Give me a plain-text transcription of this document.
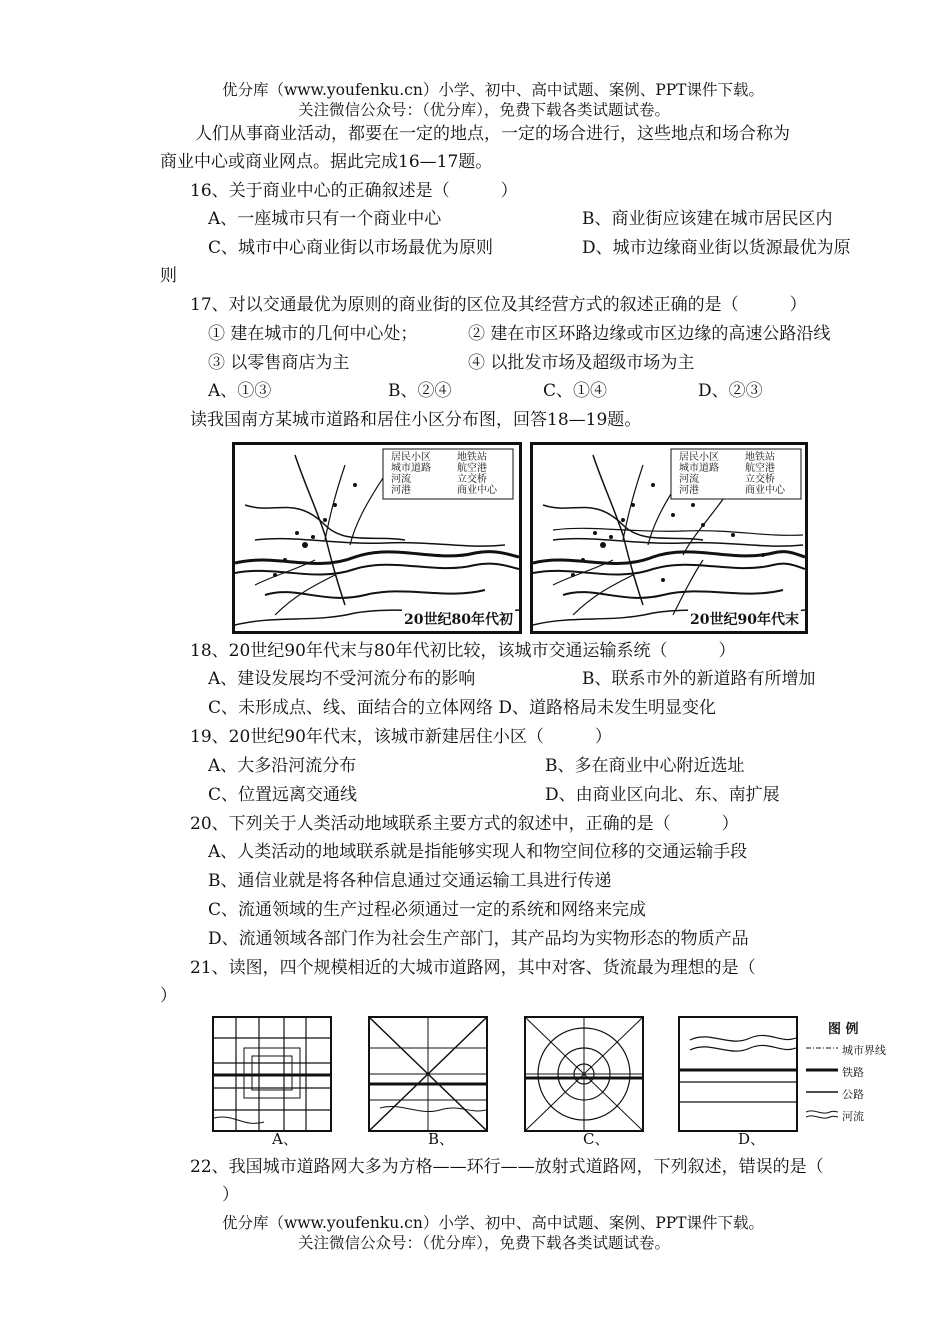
优分库（www.youfenku.cn）小学、初中、高中试题、案例、PPT课件下载。
关注微信公众号：（优分库），免费下载各类试题试卷。
人们从事商业活动，都要在一定的地点，一定的场合进行，这些地点和场合称为
商业中心或商业网点。据此完成16—17题。
16、关于商业中心的正确叙述是（　　　）
A、一座城市只有一个商业中心	B、商业街应该建在城市居民区内
C、城市中心商业街以市场最优为原则	D、城市边缘商业街以货源最优为原
则
17、对以交通最优为原则的商业街的区位及其经营方式的叙述正确的是（　　　）
① 建在城市的几何中心处；	② 建在市区环路边缘或市区边缘的高速公路沿线
③ 以零售商店为主	④ 以批发市场及超级市场为主
A、①③	B、②④	C、①④	D、②③
读我国南方某城市道路和居住小区分布图，回答18—19题。
居民小区
城市道路
河流
河港
地铁站
航空港
立交桥
商业中心
20世纪80年代初
居民小区
城市道路
河流
河港
地铁站
航空港
立交桥
商业中心
20世纪90年代末
18、20世纪90年代末与80年代初比较，该城市交通运输系统（　　　）
A、建设发展均不受河流分布的影响	B、联系市外的新道路有所增加
C、未形成点、线、面结合的立体网络 D、道路格局未发生明显变化
19、20世纪90年代末，该城市新建居住小区（　　　）
A、大多沿河流分布	B、多在商业中心附近选址
C、位置远离交通线	D、由商业区向北、东、南扩展
20、下列关于人类活动地域联系主要方式的叙述中，正确的是（　　　）
A、人类活动的地域联系就是指能够实现人和物空间位移的交通运输手段
B、通信业就是将各种信息通过交通运输工具进行传递
C、流通领域的生产过程必须通过一定的系统和网络来完成
D、流通领域各部门作为社会生产部门，其产品均为实物形态的物质产品
21、读图，四个规模相近的大城市道路网，其中对客、货流最为理想的是（
）
A、	B、	C、	D、
图 例
城市界线
铁路
公路
河流
22、我国城市道路网大多为方格——环行——放射式道路网，下列叙述，错误的是（
）
优分库（www.youfenku.cn）小学、初中、高中试题、案例、PPT课件下载。
关注微信公众号：（优分库），免费下载各类试题试卷。
